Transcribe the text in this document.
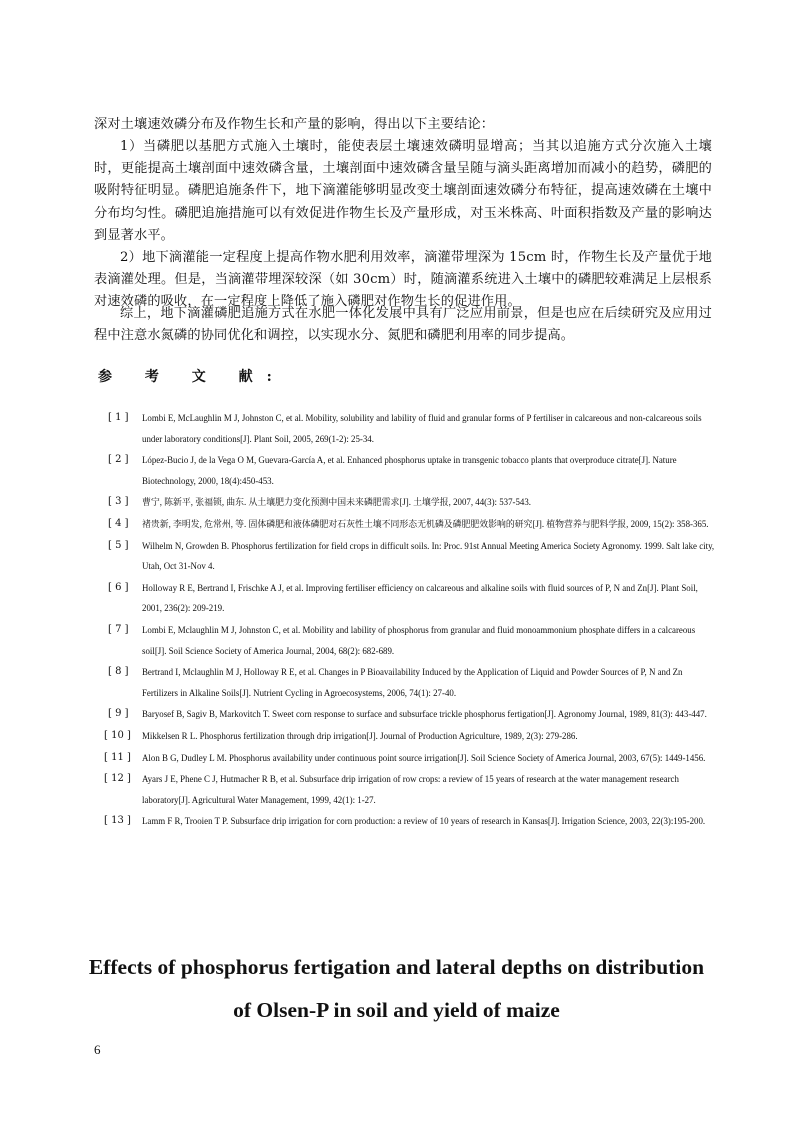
深对土壤速效磷分布及作物生长和产量的影响，得出以下主要结论：
1）当磷肥以基肥方式施入土壤时，能使表层土壤速效磷明显增高；当其以追施方式分次施入土壤时，更能提高土壤剖面中速效磷含量，土壤剖面中速效磷含量呈随与滴头距离增加而减小的趋势，磷肥的吸附特征明显。磷肥追施条件下，地下滴灌能够明显改变土壤剖面速效磷分布特征，提高速效磷在土壤中分布均匀性。磷肥追施措施可以有效促进作物生长及产量形成，对玉米株高、叶面积指数及产量的影响达到显著水平。
2）地下滴灌能一定程度上提高作物水肥利用效率，滴灌带埋深为 15cm 时，作物生长及产量优于地表滴灌处理。但是，当滴灌带埋深较深（如 30cm）时，随滴灌系统进入土壤中的磷肥较难满足上层根系对速效磷的吸收，在一定程度上降低了施入磷肥对作物生长的促进作用。
综上，地下滴灌磷肥追施方式在水肥一体化发展中具有广泛应用前景，但是也应在后续研究及应用过程中注意水氮磷的协同优化和调控，以实现水分、氮肥和磷肥利用率的同步提高。
参 考 文 献:
[ 1 ]	Lombi E, McLaughlin M J, Johnston C, et al. Mobility, solubility and lability of fluid and granular forms of P fertiliser in calcareous and non-calcareous soils under laboratory conditions[J]. Plant Soil, 2005, 269(1-2): 25-34.
[ 2 ]	López-Bucio J, de la Vega O M, Guevara-García A, et al. Enhanced phosphorus uptake in transgenic tobacco plants that overproduce citrate[J]. Nature Biotechnology, 2000, 18(4):450-453.
[ 3 ]	曹宁, 陈新平, 张福锁, 曲东. 从土壤肥力变化预测中国未来磷肥需求[J]. 土壤学报, 2007, 44(3): 537-543.
[ 4 ]	褚贵新, 李明发, 危常州, 等. 固体磷肥和液体磷肥对石灰性土壤不同形态无机磷及磷肥肥效影响的研究[J]. 植物营养与肥料学报, 2009, 15(2): 358-365.
[ 5 ]	Wilhelm N, Growden B. Phosphorus fertilization for field crops in difficult soils. In: Proc. 91st Annual Meeting America Society Agronomy. 1999. Salt lake city, Utah, Oct 31-Nov 4.
[ 6 ]	Holloway R E, Bertrand I, Frischke A J, et al. Improving fertiliser efficiency on calcareous and alkaline soils with fluid sources of P, N and Zn[J]. Plant Soil, 2001, 236(2): 209-219.
[ 7 ]	Lombi E, Mclaughlin M J, Johnston C, et al. Mobility and lability of phosphorus from granular and fluid monoammonium phosphate differs in a calcareous soil[J]. Soil Science Society of America Journal, 2004, 68(2): 682-689.
[ 8 ]	Bertrand I, Mclaughlin M J, Holloway R E, et al. Changes in P Bioavailability Induced by the Application of Liquid and Powder Sources of P, N and Zn Fertilizers in Alkaline Soils[J]. Nutrient Cycling in Agroecosystems, 2006, 74(1): 27-40.
[ 9 ]	Baryosef B, Sagiv B, Markovitch T. Sweet corn response to surface and subsurface trickle phosphorus fertigation[J]. Agronomy Journal, 1989, 81(3): 443-447.
[ 10 ]	Mikkelsen R L. Phosphorus fertilization through drip irrigation[J]. Journal of Production Agriculture, 1989, 2(3): 279-286.
[ 11 ]	Alon B G, Dudley L M. Phosphorus availability under continuous point source irrigation[J]. Soil Science Society of America Journal, 2003, 67(5): 1449-1456.
[ 12 ]	Ayars J E, Phene C J, Hutmacher R B, et al. Subsurface drip irrigation of row crops: a review of 15 years of research at the water management research laboratory[J]. Agricultural Water Management, 1999, 42(1): 1-27.
[ 13 ]	Lamm F R, Trooien T P. Subsurface drip irrigation for corn production: a review of 10 years of research in Kansas[J]. Irrigation Science, 2003, 22(3):195-200.
Effects of phosphorus fertigation and lateral depths on distribution
of Olsen-P in soil and yield of maize
6
